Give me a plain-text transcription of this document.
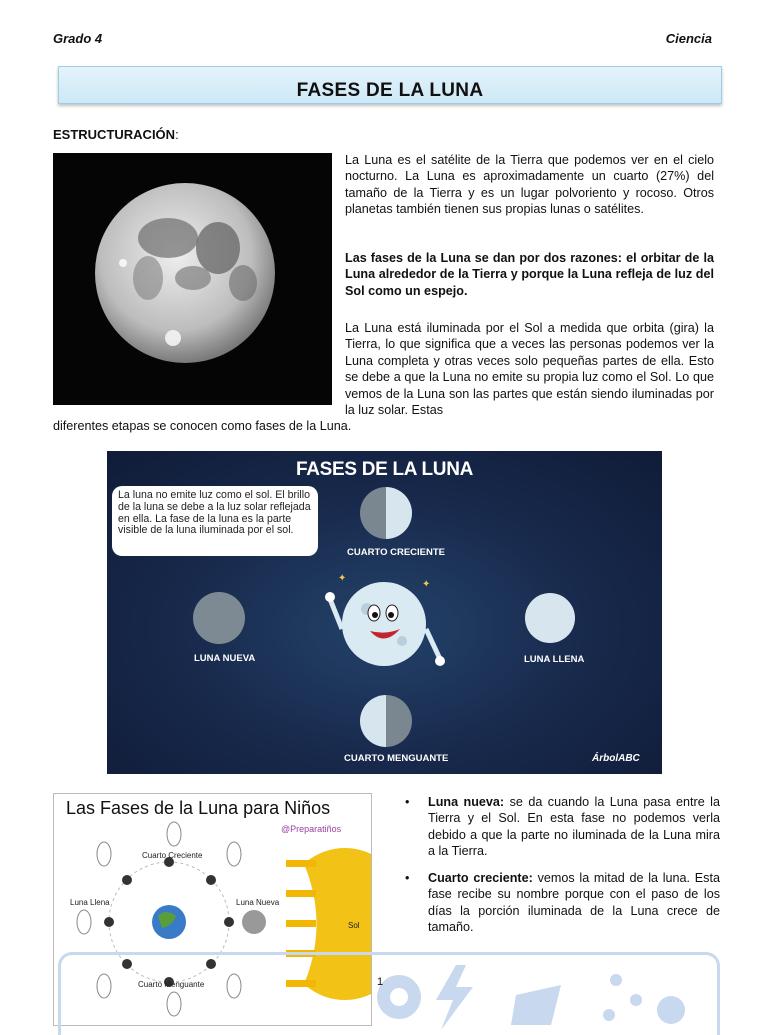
Grado 4	Ciencia
FASES DE LA LUNA
ESTRUCTURACIÓN:
La Luna es el satélite de la Tierra que podemos ver en el cielo nocturno. La Luna es aproximadamente un cuarto (27%) del tamaño de la Tierra y es un lugar polvoriento y rocoso. Otros planetas también tienen sus propias lunas o satélites.
Las fases de la Luna se dan por dos razones: el orbitar de la Luna alrededor de la Tierra y porque la Luna refleja de luz del Sol como un espejo.
La Luna está iluminada por el Sol a medida que orbita (gira) la Tierra, lo que significa que a veces las personas podemos ver la Luna completa y otras veces solo pequeñas partes de ella. Esto se debe a que la Luna no emite su propia luz como el Sol. Lo que vemos de la Luna son las partes que están siendo iluminadas por la luz solar. Estas
diferentes etapas se conocen como fases de la Luna.
FASES DE LA LUNA
La luna no emite luz como el sol. El brillo de la luna se debe a la luz solar reflejada en ella. La fase de la luna es la parte visible de la luna iluminada por el sol.
CUARTO CRECIENTE
LUNA NUEVA
✦
✦
LUNA LLENA
CUARTO MENGUANTE	ÁrbolABC
Las Fases de la Luna para Niños
@Preparatiños
Cuarto Creciente
Luna Llena	Luna Nueva
Cuarto Menguante
Sol
• Luna nueva: se da cuando la Luna pasa entre la Tierra y el Sol. En esta fase no podemos verla debido a que la parte no iluminada de la Luna mira a la Tierra.
• Cuarto creciente: vemos la mitad de la luna. Esta fase recibe su nombre porque con el paso de los días la porción iluminada de la Luna crece de tamaño.
1
